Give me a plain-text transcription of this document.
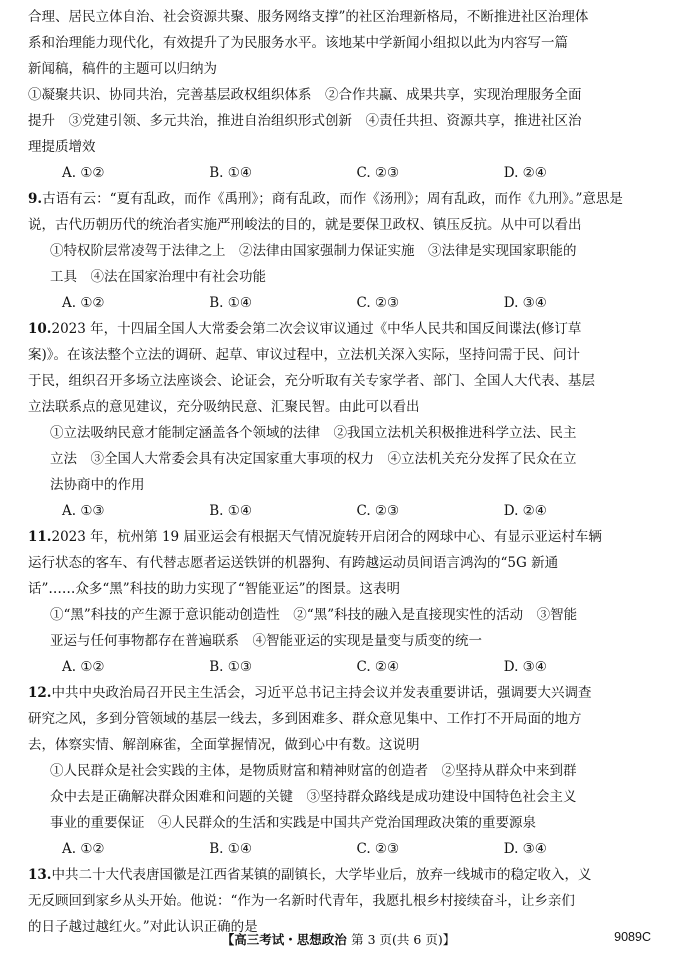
合理、居民立体自治、社会资源共聚、服务网络支撑”的社区治理新格局，不断推进社区治理体
系和治理能力现代化，有效提升了为民服务水平。该地某中学新闻小组拟以此为内容写一篇
新闻稿，稿件的主题可以归纳为
①凝聚共识、协同共治，完善基层政权组织体系　②合作共赢、成果共享，实现治理服务全面
提升　③党建引领、多元共治，推进自治组织形式创新　④责任共担、资源共享，推进社区治
理提质增效
A. ①②	B. ①④	C. ②③	D. ②④
9.古语有云：“夏有乱政，而作《禹刑》；商有乱政，而作《汤刑》；周有乱政，而作《九刑》。”意思是
说，古代历朝历代的统治者实施严刑峻法的目的，就是要保卫政权、镇压反抗。从中可以看出
①特权阶层常凌驾于法律之上　②法律由国家强制力保证实施　③法律是实现国家职能的
工具　④法在国家治理中有社会功能
A. ①②	B. ①④	C. ②③	D. ③④
10.2023 年，十四届全国人大常委会第二次会议审议通过《中华人民共和国反间谍法(修订草
案)》。在该法整个立法的调研、起草、审议过程中，立法机关深入实际，坚持问需于民、问计
于民，组织召开多场立法座谈会、论证会，充分听取有关专家学者、部门、全国人大代表、基层
立法联系点的意见建议，充分吸纳民意、汇聚民智。由此可以看出
①立法吸纳民意才能制定涵盖各个领域的法律　②我国立法机关积极推进科学立法、民主
立法　③全国人大常委会具有决定国家重大事项的权力　④立法机关充分发挥了民众在立
法协商中的作用
A. ①③	B. ①④	C. ②③	D. ②④
11.2023 年，杭州第 19 届亚运会有根据天气情况旋转开启闭合的网球中心、有显示亚运村车辆
运行状态的客车、有代替志愿者运送铁饼的机器狗、有跨越运动员间语言鸿沟的“5G 新通
话”……众多“黑”科技的助力实现了“智能亚运”的图景。这表明
①“黑”科技的产生源于意识能动创造性　②“黑”科技的融入是直接现实性的活动　③智能
亚运与任何事物都存在普遍联系　④智能亚运的实现是量变与质变的统一
A. ①②	B. ①③	C. ②④	D. ③④
12.中共中央政治局召开民主生活会，习近平总书记主持会议并发表重要讲话，强调要大兴调查
研究之风，多到分管领域的基层一线去，多到困难多、群众意见集中、工作打不开局面的地方
去，体察实情、解剖麻雀，全面掌握情况，做到心中有数。这说明
①人民群众是社会实践的主体，是物质财富和精神财富的创造者　②坚持从群众中来到群
众中去是正确解决群众困难和问题的关键　③坚持群众路线是成功建设中国特色社会主义
事业的重要保证　④人民群众的生活和实践是中国共产党治国理政决策的重要源泉
A. ①②	B. ①④	C. ②③	D. ③④
13.中共二十大代表唐国徽是江西省某镇的副镇长，大学毕业后，放弃一线城市的稳定收入，义
无反顾回到家乡从头开始。他说：“作为一名新时代青年，我愿扎根乡村接续奋斗，让乡亲们
的日子越过越红火。”对此认识正确的是
【高三考试・思想政治 第 3 页(共 6 页)】	9089C
